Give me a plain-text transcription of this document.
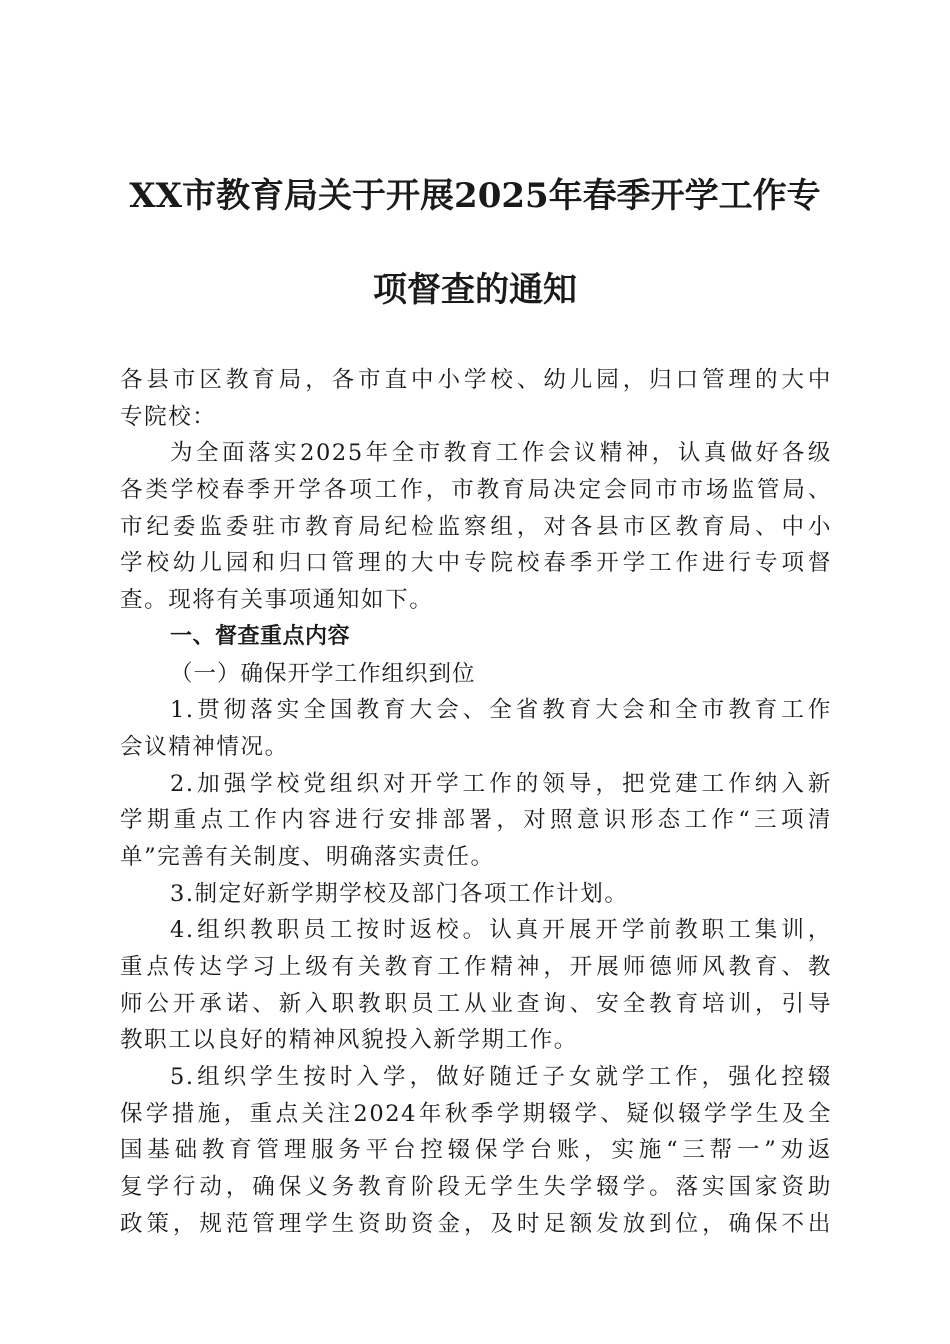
XX市教育局关于开展2025年春季开学工作专
项督查的通知
各县市区教育局，各市直中小学校、幼儿园，归口管理的大中
专院校：
为全面落实2025年全市教育工作会议精神，认真做好各级
各类学校春季开学各项工作，市教育局决定会同市市场监管局、
市纪委监委驻市教育局纪检监察组，对各县市区教育局、中小
学校幼儿园和归口管理的大中专院校春季开学工作进行专项督
查。现将有关事项通知如下。
一、督查重点内容
（一）确保开学工作组织到位
1.贯彻落实全国教育大会、全省教育大会和全市教育工作
会议精神情况。
2.加强学校党组织对开学工作的领导，把党建工作纳入新
学期重点工作内容进行安排部署，对照意识形态工作“三项清
单”完善有关制度、明确落实责任。
3.制定好新学期学校及部门各项工作计划。
4.组织教职员工按时返校。认真开展开学前教职工集训，
重点传达学习上级有关教育工作精神，开展师德师风教育、教
师公开承诺、新入职教职员工从业查询、安全教育培训，引导
教职工以良好的精神风貌投入新学期工作。
5.组织学生按时入学，做好随迁子女就学工作，强化控辍
保学措施，重点关注2024年秋季学期辍学、疑似辍学学生及全
国基础教育管理服务平台控辍保学台账，实施“三帮一”劝返
复学行动，确保义务教育阶段无学生失学辍学。落实国家资助
政策，规范管理学生资助资金，及时足额发放到位，确保不出
